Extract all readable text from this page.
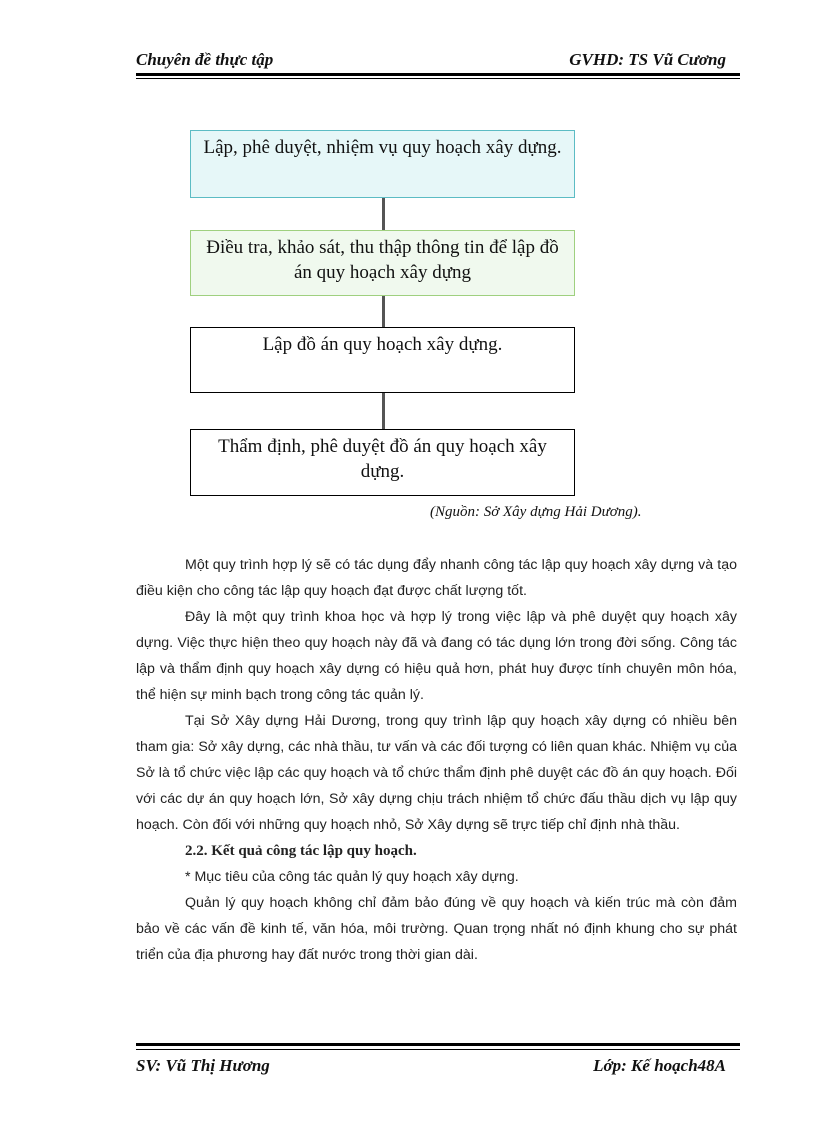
Chuyên đề thực tập	GVHD: TS Vũ Cương
Lập, phê duyệt, nhiệm vụ quy hoạch xây dựng.
Điều tra, khảo sát, thu thập thông tin để lập đồ án quy hoạch xây dựng
Lập đồ án quy hoạch xây dựng.
Thẩm định, phê duyệt đồ án quy hoạch xây dựng.
(Nguồn: Sở Xây dựng Hải Dương).

Một quy trình hợp lý sẽ có tác dụng đẩy nhanh công tác lập quy hoạch xây dựng và tạo điều kiện cho công tác lập quy hoạch đạt được chất lượng tốt.

Đây là một quy trình khoa học và hợp lý trong việc lập và phê duyệt quy hoạch xây dựng. Việc thực hiện theo quy hoạch này đã và đang có tác dụng lớn trong đời sống. Công tác lập và thẩm định quy hoạch xây dựng có hiệu quả hơn, phát huy được tính chuyên môn hóa, thể hiện sự minh bạch trong công tác quản lý.

Tại Sở Xây dựng Hải Dương, trong quy trình lập quy hoạch xây dựng có nhiều bên tham gia: Sở xây dựng, các nhà thầu, tư vấn và các đối tượng có liên quan khác. Nhiệm vụ của Sở là tổ chức việc lập các quy hoạch và tổ chức thẩm định phê duyệt các đồ án quy hoạch. Đối với các dự án quy hoạch lớn, Sở xây dựng chịu trách nhiệm tổ chức đấu thầu dịch vụ lập quy hoạch. Còn đối với những quy hoạch nhỏ, Sở Xây dựng sẽ trực tiếp chỉ định nhà thầu.

2.2. Kết quả công tác lập quy hoạch.

* Mục tiêu của công tác quản lý quy hoạch xây dựng.

Quản lý quy hoạch không chỉ đảm bảo đúng về quy hoạch và kiến trúc mà còn đảm bảo về các vấn đề kinh tế, văn hóa, môi trường. Quan trọng nhất nó định khung cho sự phát triển của địa phương hay đất nước trong thời gian dài.

SV: Vũ Thị Hương	Lớp: Kế hoạch48A
